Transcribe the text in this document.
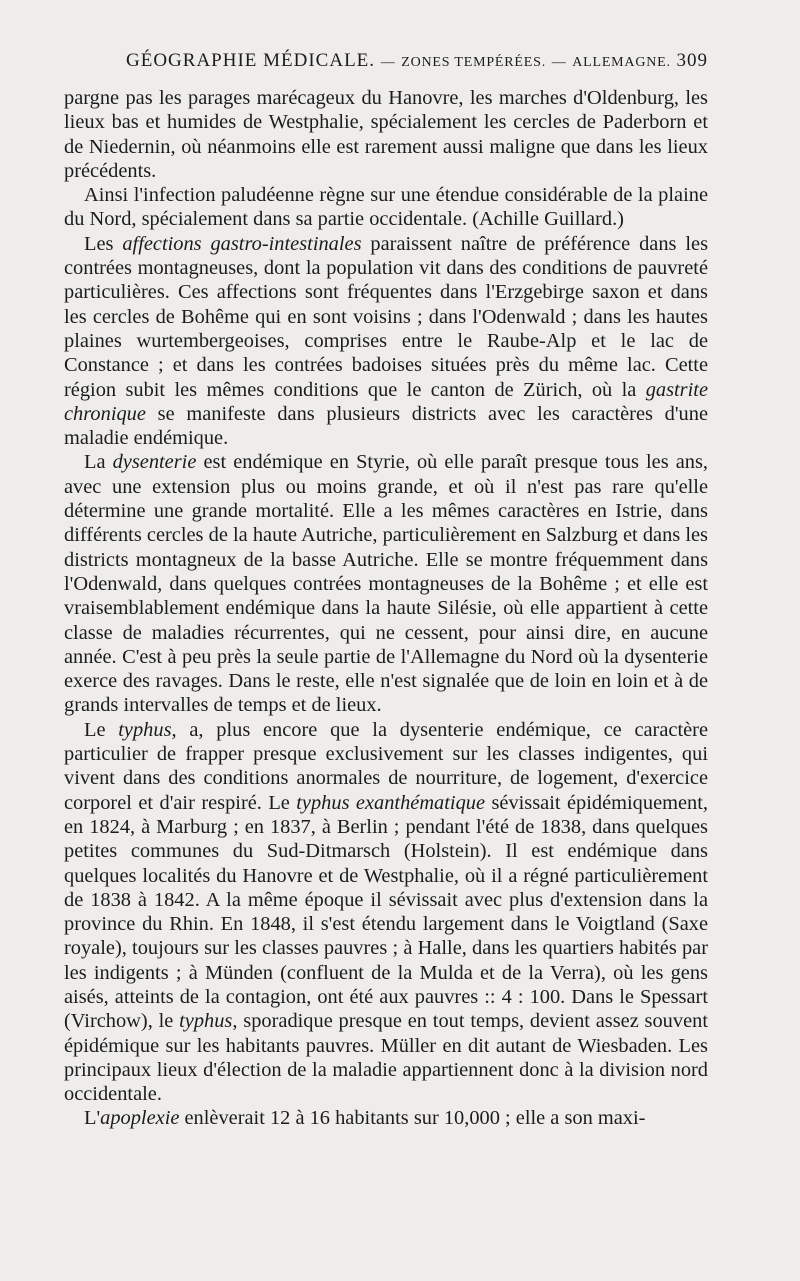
GÉOGRAPHIE MÉDICALE. — ZONES TEMPÉRÉES. — ALLEMAGNE. 309

pargne pas les parages marécageux du Hanovre, les marches d'Oldenburg, les lieux bas et humides de Westphalie, spécialement les cercles de Paderborn et de Niedernin, où néanmoins elle est rarement aussi maligne que dans les lieux précédents.

Ainsi l'infection paludéenne règne sur une étendue considérable de la plaine du Nord, spécialement dans sa partie occidentale. (Achille Guillard.)

Les affections gastro-intestinales paraissent naître de préférence dans les contrées montagneuses, dont la population vit dans des conditions de pauvreté particulières. Ces affections sont fréquentes dans l'Erzgebirge saxon et dans les cercles de Bohême qui en sont voisins ; dans l'Odenwald ; dans les hautes plaines wurtembergeoises, comprises entre le Raube-Alp et le lac de Constance ; et dans les contrées badoises situées près du même lac. Cette région subit les mêmes conditions que le canton de Zürich, où la gastrite chronique se manifeste dans plusieurs districts avec les caractères d'une maladie endémique.

La dysenterie est endémique en Styrie, où elle paraît presque tous les ans, avec une extension plus ou moins grande, et où il n'est pas rare qu'elle détermine une grande mortalité. Elle a les mêmes caractères en Istrie, dans différents cercles de la haute Autriche, particulièrement en Salzburg et dans les districts montagneux de la basse Autriche. Elle se montre fréquemment dans l'Odenwald, dans quelques contrées montagneuses de la Bohême ; et elle est vraisemblablement endémique dans la haute Silésie, où elle appartient à cette classe de maladies récurrentes, qui ne cessent, pour ainsi dire, en aucune année. C'est à peu près la seule partie de l'Allemagne du Nord où la dysenterie exerce des ravages. Dans le reste, elle n'est signalée que de loin en loin et à de grands intervalles de temps et de lieux.

Le typhus, a, plus encore que la dysenterie endémique, ce caractère particulier de frapper presque exclusivement sur les classes indigentes, qui vivent dans des conditions anormales de nourriture, de logement, d'exercice corporel et d'air respiré. Le typhus exanthématique sévissait épidémiquement, en 1824, à Marburg ; en 1837, à Berlin ; pendant l'été de 1838, dans quelques petites communes du Sud-Ditmarsch (Holstein). Il est endémique dans quelques localités du Hanovre et de Westphalie, où il a régné particulièrement de 1838 à 1842. A la même époque il sévissait avec plus d'extension dans la province du Rhin. En 1848, il s'est étendu largement dans le Voigtland (Saxe royale), toujours sur les classes pauvres ; à Halle, dans les quartiers habités par les indigents ; à Münden (confluent de la Mulda et de la Verra), où les gens aisés, atteints de la contagion, ont été aux pauvres :: 4 : 100. Dans le Spessart (Virchow), le typhus, sporadique presque en tout temps, devient assez souvent épidémique sur les habitants pauvres. Müller en dit autant de Wiesbaden. Les principaux lieux d'élection de la maladie appartiennent donc à la division nord occidentale.

L'apoplexie enlèverait 12 à 16 habitants sur 10,000 ; elle a son maxi-
